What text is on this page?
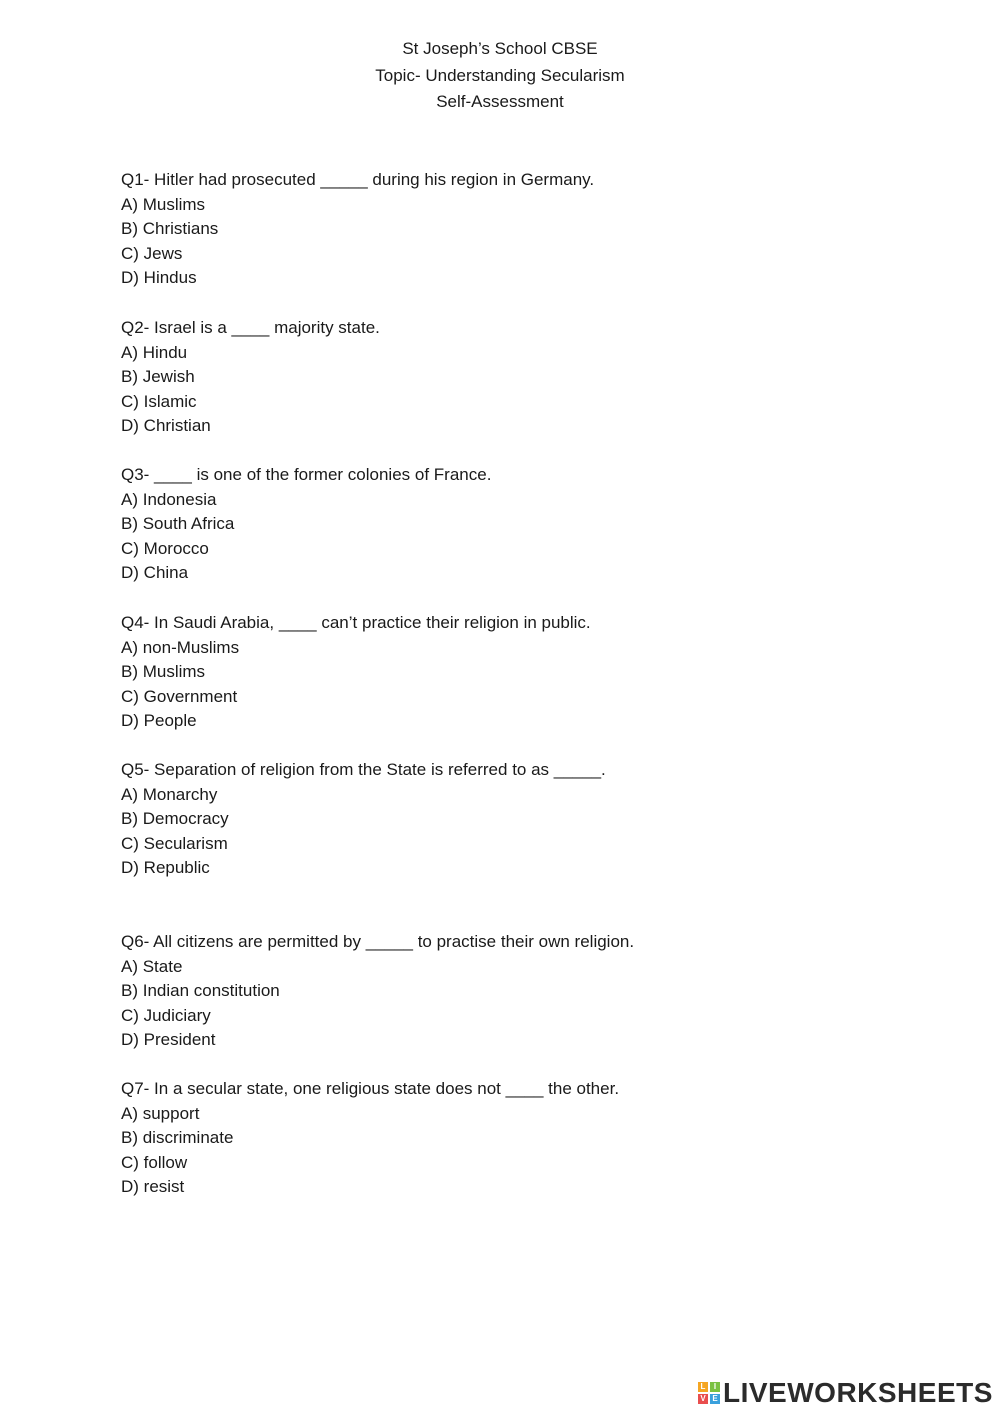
St Joseph’s School CBSE
Topic- Understanding Secularism
Self-Assessment
Q1- Hitler had prosecuted _____ during his region in Germany.
A) Muslims
B) Christians
C) Jews
D) Hindus
Q2- Israel is a ____ majority state.
A) Hindu
B) Jewish
C) Islamic
D) Christian
Q3- ____ is one of the former colonies of France.
A) Indonesia
B) South Africa
C) Morocco
D) China
Q4- In Saudi Arabia, ____ can’t practice their religion in public.
A) non-Muslims
B) Muslims
C) Government
D) People
Q5- Separation of religion from the State is referred to as _____.
A) Monarchy
B) Democracy
C) Secularism
D) Republic
Q6- All citizens are permitted by _____ to practise their own religion.
A) State
B) Indian constitution
C) Judiciary
D) President
Q7- In a secular state, one religious state does not ____ the other.
A) support
B) discriminate
C) follow
D) resist
L	I
V E LIVEWORKSHEETS
